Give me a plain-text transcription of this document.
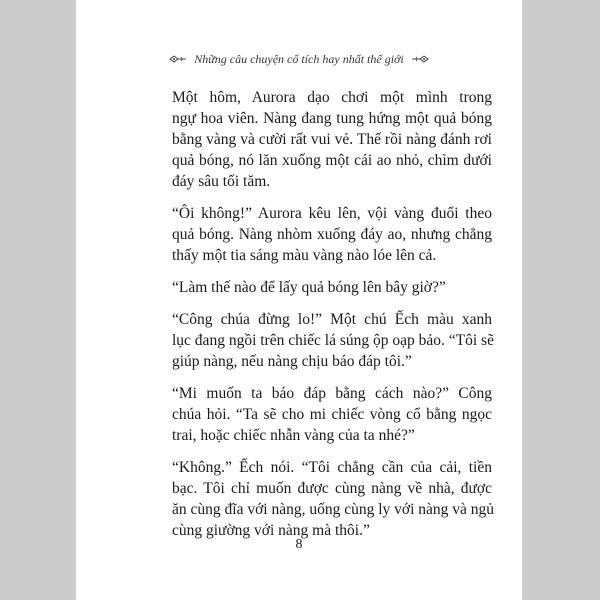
Những câu chuyện cổ tích hay nhất thế giới

Một hôm, Aurora dạo chơi một mình trong
ngự hoa viên. Nàng đang tung hứng một quả bóng
bằng vàng và cười rất vui vẻ. Thế rồi nàng đánh rơi
quả bóng, nó lăn xuống một cái ao nhỏ, chìm dưới
đáy sâu tối tăm.

“Ôi không!” Aurora kêu lên, vội vàng đuổi theo
quả bóng. Nàng nhòm xuống đáy ao, nhưng chẳng
thấy một tia sáng màu vàng nào lóe lên cả.

“Làm thế nào để lấy quả bóng lên bây giờ?”

“Công chúa đừng lo!” Một chú Ếch màu xanh
lục đang ngồi trên chiếc lá súng ộp oạp bảo. “Tôi sẽ
giúp nàng, nếu nàng chịu báo đáp tôi.”

“Mi muốn ta báo đáp bằng cách nào?” Công
chúa hỏi. “Ta sẽ cho mi chiếc vòng cổ bằng ngọc
trai, hoặc chiếc nhẫn vàng của ta nhé?”

“Không.” Ếch nói. “Tôi chẳng cần của cải, tiền
bạc. Tôi chỉ muốn được cùng nàng về nhà, được
ăn cùng đĩa với nàng, uống cùng ly với nàng và ngủ
cùng giường với nàng mà thôi.”

8
